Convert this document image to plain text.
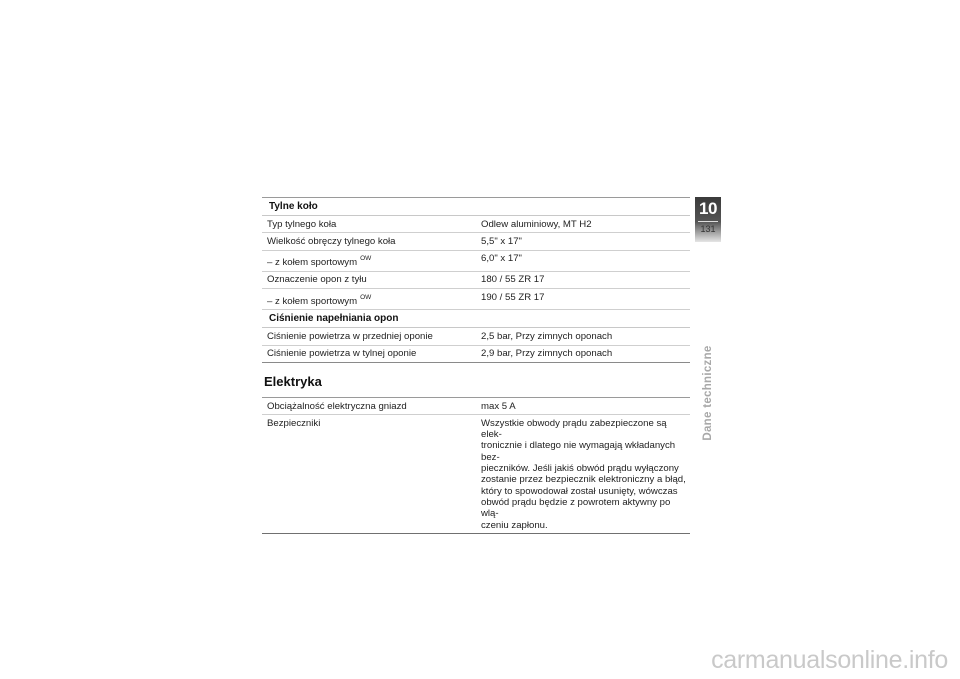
Tylne koło
Typ tylnego koła	Odlew aluminiowy, MT H2
Wielkość obręczy tylnego koła	5,5" x 17"
– z kołem sportowym $^{OW}$	6,0" x 17"
Oznaczenie opon z tyłu	180 / 55 ZR 17
– z kołem sportowym $^{OW}$	190 / 55 ZR 17
Ciśnienie napełniania opon
Ciśnienie powietrza w przedniej oponie	2,5 bar, Przy zimnych oponach
Ciśnienie powietrza w tylnej oponie	2,9 bar, Przy zimnych oponach
Elektryka
Obciążalność elektryczna gniazd	max 5 A
Bezpieczniki	Wszystkie obwody prądu zabezpieczone są elek-
tronicznie i dlatego nie wymagają wkładanych bez-
pieczników. Jeśli jakiś obwód prądu wyłączony
zostanie przez bezpiecznik elektroniczny a błąd,
który to spowodował został usunięty, wówczas
obwód prądu będzie z powrotem aktywny po wlą-
czeniu zapłonu.
10
131
Dane techniczne
carmanualsonline.info
